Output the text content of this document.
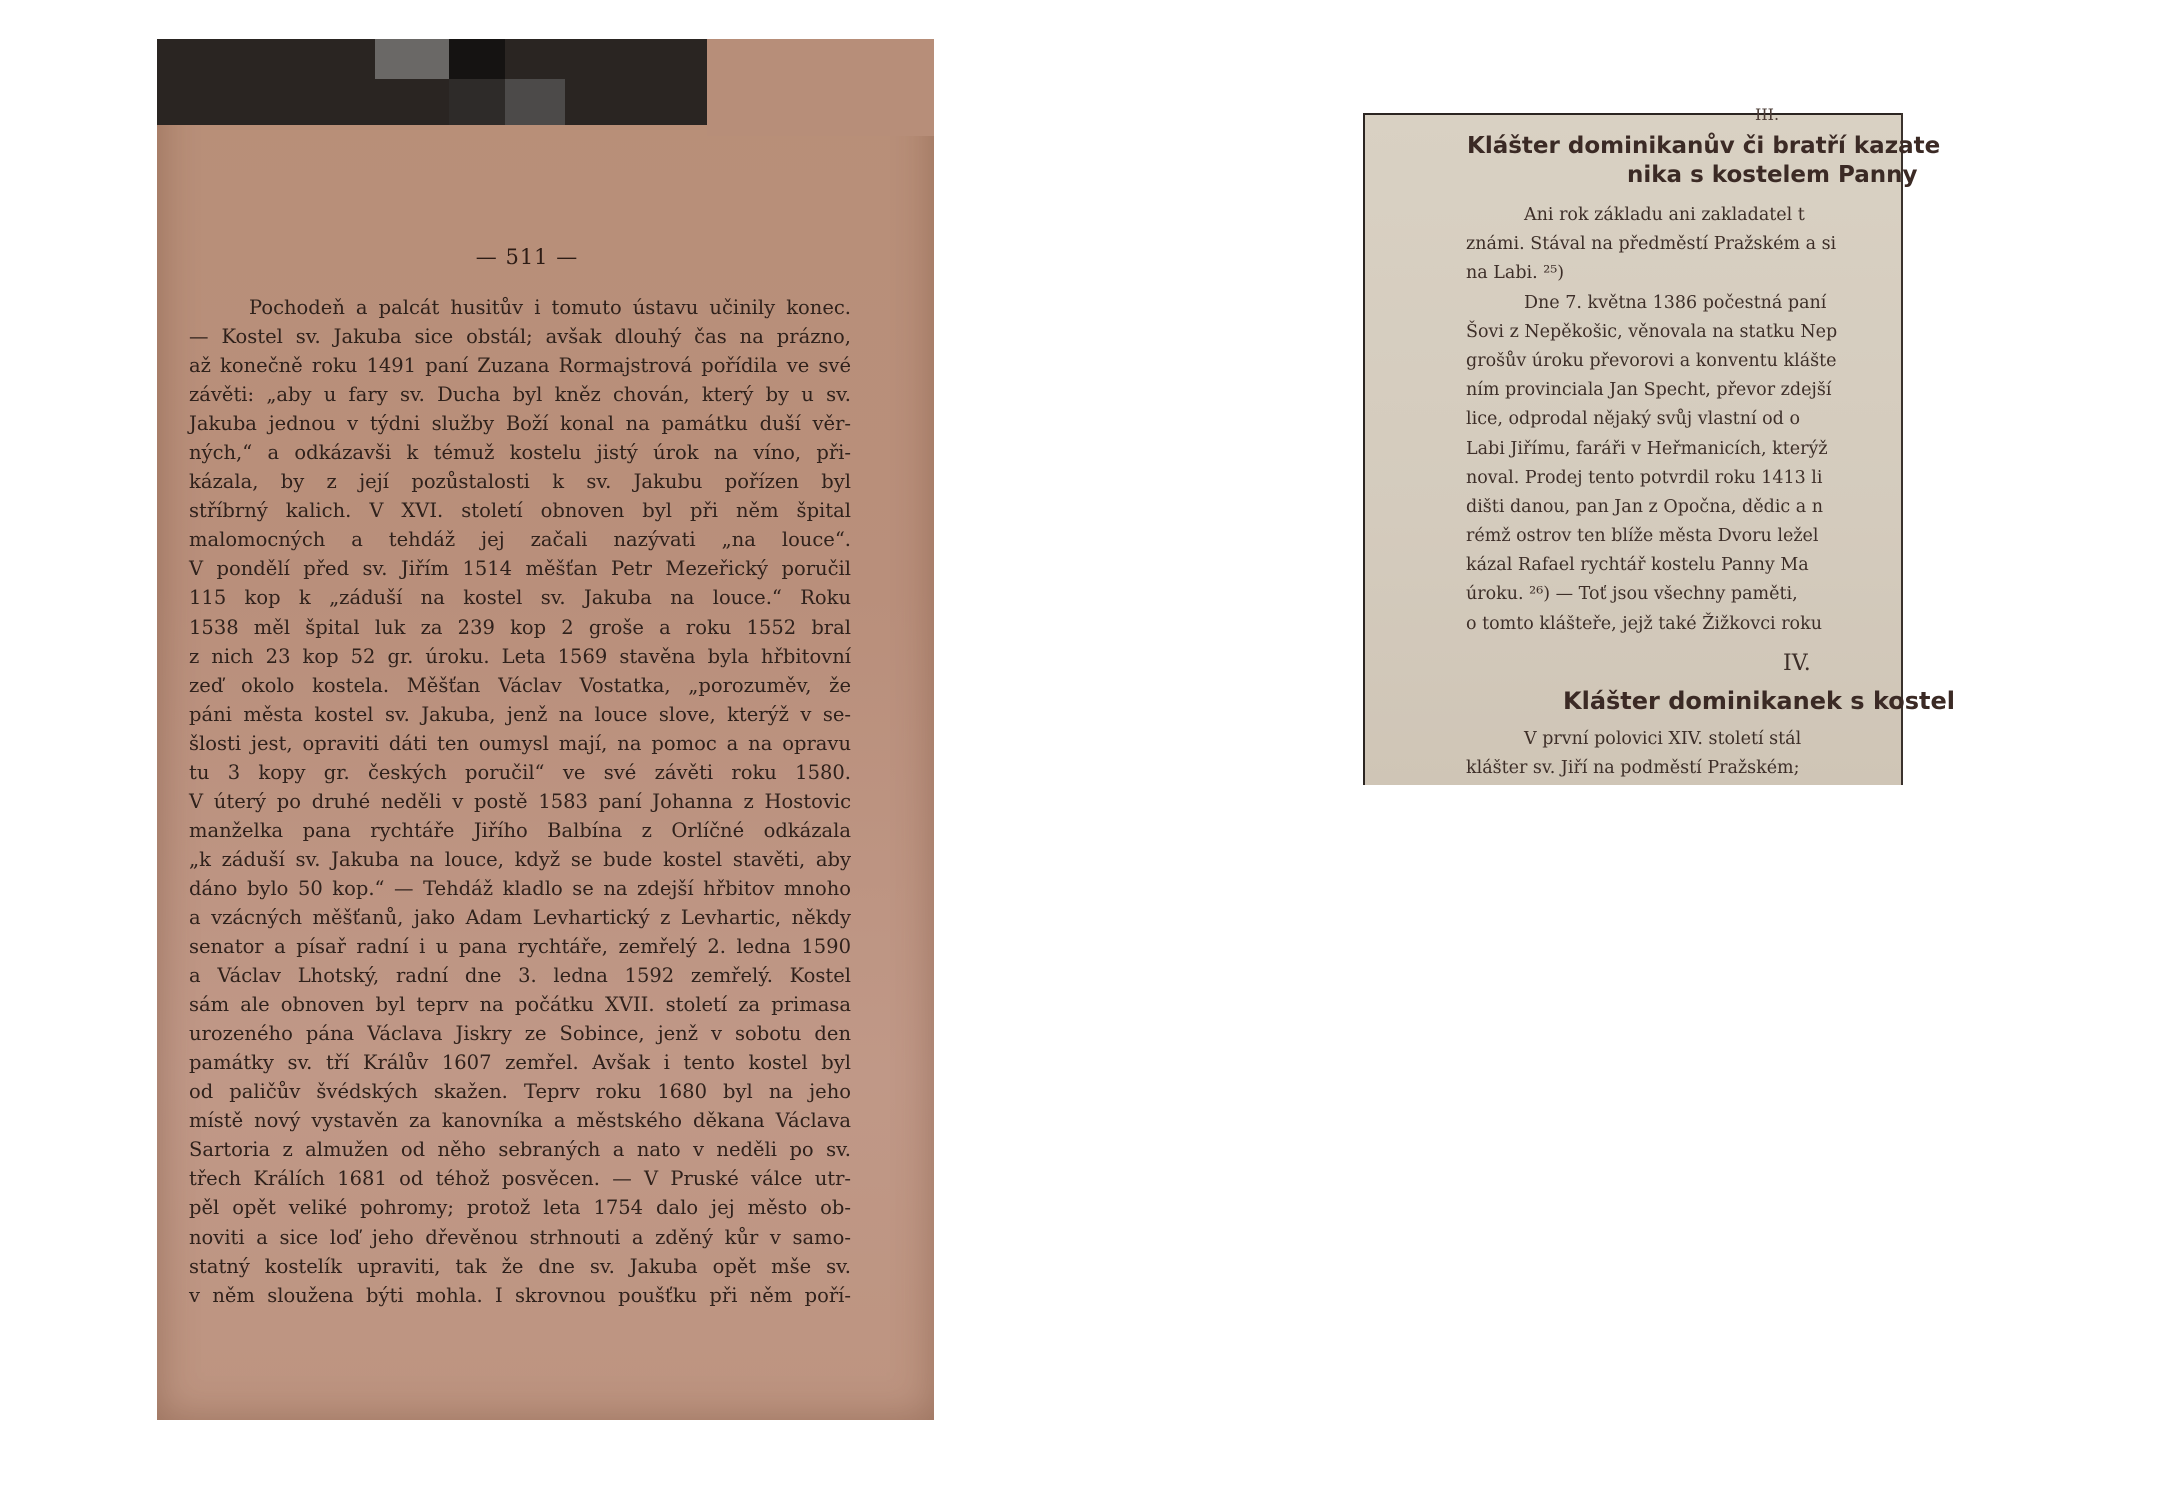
— 511 —
Pochodeň a palcát husitův i tomuto ústavu učinily konec.
— Kostel sv. Jakuba sice obstál; avšak dlouhý čas na prázno,
až konečně roku 1491 paní Zuzana Rormajstrová pořídila ve své
závěti: „aby u fary sv. Ducha byl kněz chován, který by u sv.
Jakuba jednou v týdni služby Boží konal na památku duší věr-
ných,“ a odkázavši k témuž kostelu jistý úrok na víno, při-
kázala, by z její pozůstalosti k sv. Jakubu pořízen byl
stříbrný kalich. V XVI. století obnoven byl při něm špital
malomocných a tehdáž jej začali nazývati „na louce“.
V pondělí před sv. Jiřím 1514 měšťan Petr Mezeřický poručil
115 kop k „záduší na kostel sv. Jakuba na louce.“ Roku
1538 měl špital luk za 239 kop 2 groše a roku 1552 bral
z nich 23 kop 52 gr. úroku. Leta 1569 stavěna byla hřbitovní
zeď okolo kostela. Měšťan Václav Vostatka, „porozuměv, že
páni města kostel sv. Jakuba, jenž na louce slove, kterýž v se-
šlosti jest, opraviti dáti ten oumysl mají, na pomoc a na opravu
tu 3 kopy gr. českých poručil“ ve své závěti roku 1580.
V úterý po druhé neděli v postě 1583 paní Johanna z Hostovic
manželka pana rychtáře Jiřího Balbína z Orlíčné odkázala
„k záduší sv. Jakuba na louce, když se bude kostel stavěti, aby
dáno bylo 50 kop.“ — Tehdáž kladlo se na zdejší hřbitov mnoho
a vzácných měšťanů, jako Adam Levhartický z Levhartic, někdy
senator a písař radní i u pana rychtáře, zemřelý 2. ledna 1590
a Václav Lhotský, radní dne 3. ledna 1592 zemřelý. Kostel
sám ale obnoven byl teprv na počátku XVII. století za primasa
urozeného pána Václava Jiskry ze Sobince, jenž v sobotu den
památky sv. tří Králův 1607 zemřel. Avšak i tento kostel byl
od paličův švédských skažen. Teprv roku 1680 byl na jeho
místě nový vystavěn za kanovníka a městského děkana Václava
Sartoria z almužen od něho sebraných a nato v neděli po sv.
třech Králích 1681 od téhož posvěcen. — V Pruské válce utr-
pěl opět veliké pohromy; protož leta 1754 dalo jej město ob-
noviti a sice loď jeho dřevěnou strhnouti a zděný kůr v samo-
statný kostelík upraviti, tak že dne sv. Jakuba opět mše sv.
v něm sloužena býti mohla. I skrovnou poušťku při něm poří-
III.
Klášter dominikanův či bratří kazate
nika s kostelem Panny
Ani rok základu ani zakladatel t
známi. Stával na předměstí Pražském a si
na Labi. ²⁵)
Dne 7. května 1386 počestná paní
Šovi z Nepěkošic, věnovala na statku Nep
grošův úroku převorovi a konventu klášte
ním provinciala Jan Specht, převor zdejší
lice, odprodal nějaký svůj vlastní od o
Labi Jiřímu, faráři v Heřmanicích, kterýž
noval. Prodej tento potvrdil roku 1413 li
dišti danou, pan Jan z Opočna, dědic a n
rémž ostrov ten blíže města Dvoru ležel
kázal Rafael rychtář kostelu Panny Ma
úroku. ²⁶) — Toť jsou všechny paměti,
o tomto klášteře, jejž také Žižkovci roku
IV.
Klášter dominikanek s kostel
V první polovici XIV. století stál
klášter sv. Jiří na podměstí Pražském;
